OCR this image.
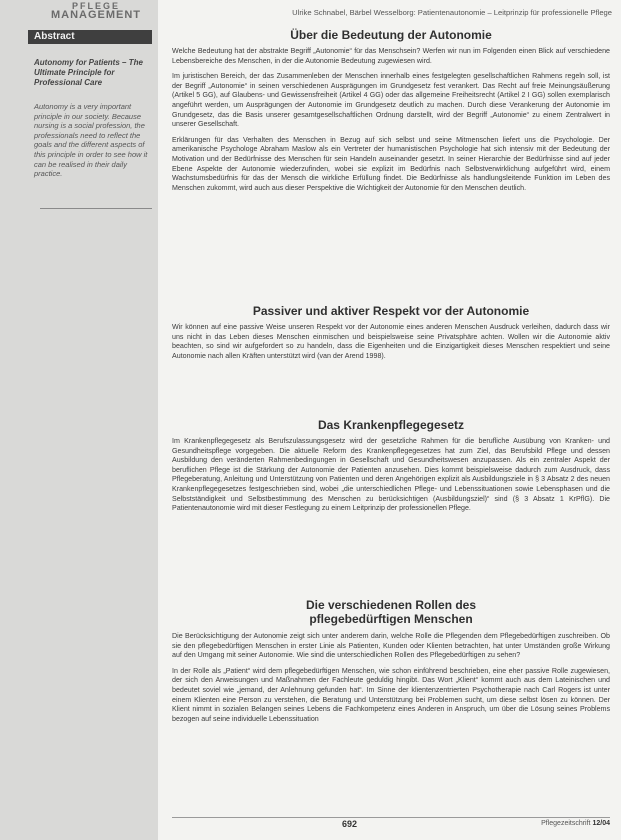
PFLEGE
MANAGEMENT	Ulrike Schnabel, Bärbel Wesselborg: Patientenautonomie – Leitprinzip für professionelle Pflege
Abstract
Autonomy for Patients – The Ultimate Principle for Professional Care
Autonomy is a very important principle in our society. Because nursing is a social profession, the professionals need to reflect the goals and the different aspects of this principle in order to see how it can be realised in their daily practice.
Über die Bedeutung der Autonomie

Welche Bedeutung hat der abstrakte Begriff „Autonomie“ für das Menschsein? Werfen wir nun im Folgenden einen Blick auf verschiedene Lebensbereiche des Menschen, in der die Autonomie Bedeutung zugewiesen wird.

Im juristischen Bereich, der das Zusammenleben der Menschen innerhalb eines festgelegten gesellschaftlichen Rahmens regeln soll, ist der Begriff „Autonomie“ in seinen verschiedenen Ausprägungen im Grundgesetz fest verankert. Das Recht auf freie Meinungsäußerung (Artikel 5 GG), auf Glaubens- und Gewissensfreiheit (Artikel 4 GG) oder das allgemeine Freiheitsrecht (Artikel 2 I GG) sollen exemplarisch angeführt werden, um Ausprägungen der Autonomie im Grundgesetz deutlich zu machen. Durch diese Verankerung der Autonomie im Grundgesetz, das die Basis unserer gesamtgesellschaftlichen Ordnung darstellt, wird der Begriff „Autonomie“ zu einem Zentralwert in unserer Gesellschaft.

Erklärungen für das Verhalten des Menschen in Bezug auf sich selbst und seine Mitmenschen liefert uns die Psychologie. Der amerikanische Psychologe Abraham Maslow als ein Vertreter der humanistischen Psychologie hat sich intensiv mit der Bedeutung der Motivation und der Bedürfnisse des Menschen für sein Handeln auseinander gesetzt. In seiner Hierarchie der Bedürfnisse sind auf jeder Ebene Aspekte der Autonomie wiederzufinden, wobei sie explizit im Bedürfnis nach Selbstverwirklichung aufgeführt wird, einem Wachstumsbedürfnis für das der Mensch die wirkliche Erfüllung findet. Die Bedürfnisse als handlungsleitende Funktion im Leben des Menschen zukommt, wird auch aus dieser Perspektive die Wichtigkeit der Autonomie für den Menschen deutlich.

Passiver und aktiver Respekt vor der Autonomie

Wir können auf eine passive Weise unseren Respekt vor der Autonomie eines anderen Menschen Ausdruck verleihen, dadurch dass wir uns nicht in das Leben dieses Menschen einmischen und beispielsweise seine Privatsphäre achten. Wollen wir die Autonomie aktiv beachten, so sind wir aufgefordert so zu handeln, dass die Eigenheiten und die Einzigartigkeit dieses Menschen respektiert und seine Autonomie nach allen Kräften unterstützt wird (van der Arend 1998).

Das Krankenpflegegesetz

Im Krankenpflegegesetz als Berufszulassungsgesetz wird der gesetzliche Rahmen für die berufliche Ausübung von Kranken- und Gesundheitspflege vorgegeben. Die aktuelle Reform des Krankenpflegegesetzes hat zum Ziel, das Berufsbild Pflege und dessen Ausbildung den veränderten Rahmenbedingungen in Gesellschaft und Gesundheitswesen anzupassen. Als ein zentraler Aspekt der beruflichen Pflege ist die Stärkung der Autonomie der Patienten anzusehen. Dies kommt beispielsweise dadurch zum Ausdruck, dass Pflegeberatung, Anleitung und Unterstützung von Patienten und deren Angehörigen explizit als Ausbildungsziele in § 3 Absatz 2 des neuen Krankenpflegegesetzes festgeschrieben sind, wobei „die unterschiedlichen Pflege- und Lebenssituationen sowie Lebensphasen und die Selbstständigkeit und Selbstbestimmung des Menschen zu berücksichtigen (Ausbildungsziel)“ sind (§ 3 Absatz 1 KrPflG). Die Patientenautonomie wird mit dieser Festlegung zu einem Leitprinzip der professionellen Pflege.

Die verschiedenen Rollen des pflegebedürftigen Menschen

Die Berücksichtigung der Autonomie zeigt sich unter anderem darin, welche Rolle die Pflegenden dem Pflegebedürftigen zuschreiben. Ob sie den pflegebedürftigen Menschen in erster Linie als Patienten, Kunden oder Klienten betrachten, hat unter Umständen große Wirkung auf den Umgang mit seiner Autonomie. Wie sind die unterschiedlichen Rollen des Pflegebedürftigen zu sehen?

In der Rolle als „Patient“ wird dem pflegebedürftigen Menschen, wie schon einführend beschrieben, eine eher passive Rolle zugewiesen, der sich den Anweisungen und Maßnahmen der Fachleute geduldig hingibt. Das Wort „Klient“ kommt auch aus dem Lateinischen und bedeutet soviel wie „jemand, der Anlehnung gefunden hat“. Im Sinne der klientenzentrierten Psychotherapie nach Carl Rogers ist unter einem Klienten eine Person zu verstehen, die Beratung und Unterstützung bei Problemen sucht, um diese selbst lösen zu können. Der Klient nimmt in sozialen Belangen seines Lebens die Fachkompetenz eines Anderen in Anspruch, um über die Lösung seines Problems bezogen auf seine individuelle Lebenssituation

692	Pflegezeitschrift 12/04
